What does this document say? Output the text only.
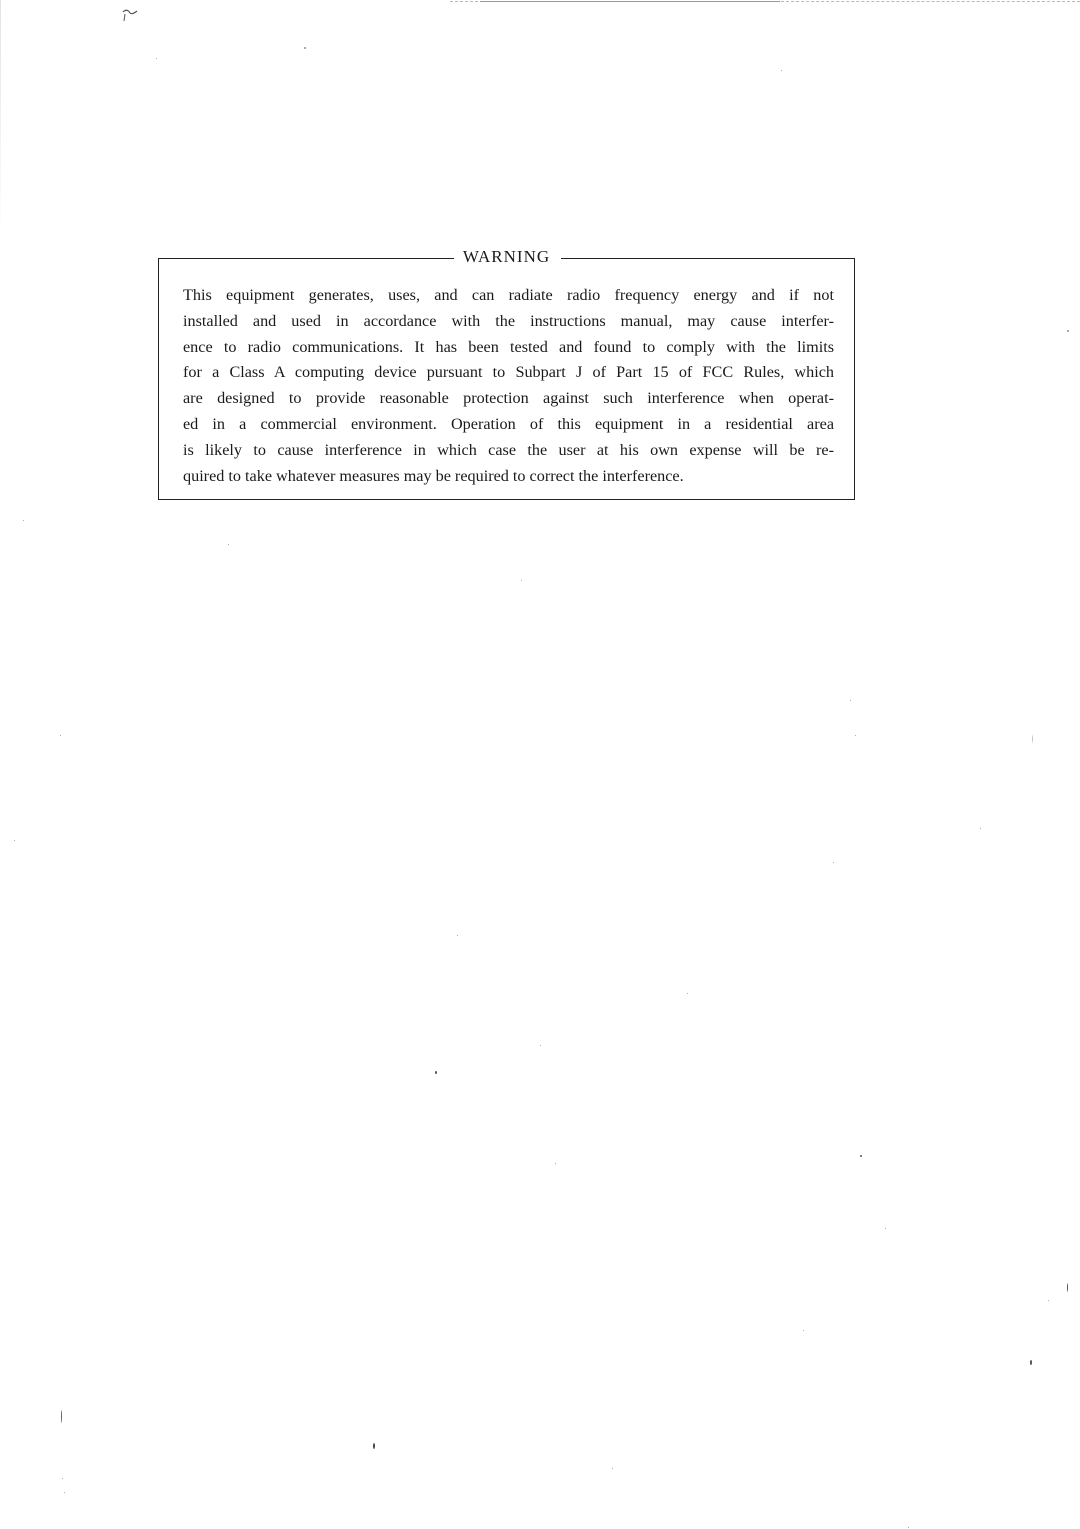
WARNING

This equipment generates, uses, and can radiate radio frequency energy and if not
installed and used in accordance with the instructions manual, may cause interfer-
ence to radio communications. It has been tested and found to comply with the limits
for a Class A computing device pursuant to Subpart J of Part 15 of FCC Rules, which
are designed to provide reasonable protection against such interference when operat-
ed in a commercial environment. Operation of this equipment in a residential area
is likely to cause interference in which case the user at his own expense will be re-
quired to take whatever measures may be required to correct the interference.
